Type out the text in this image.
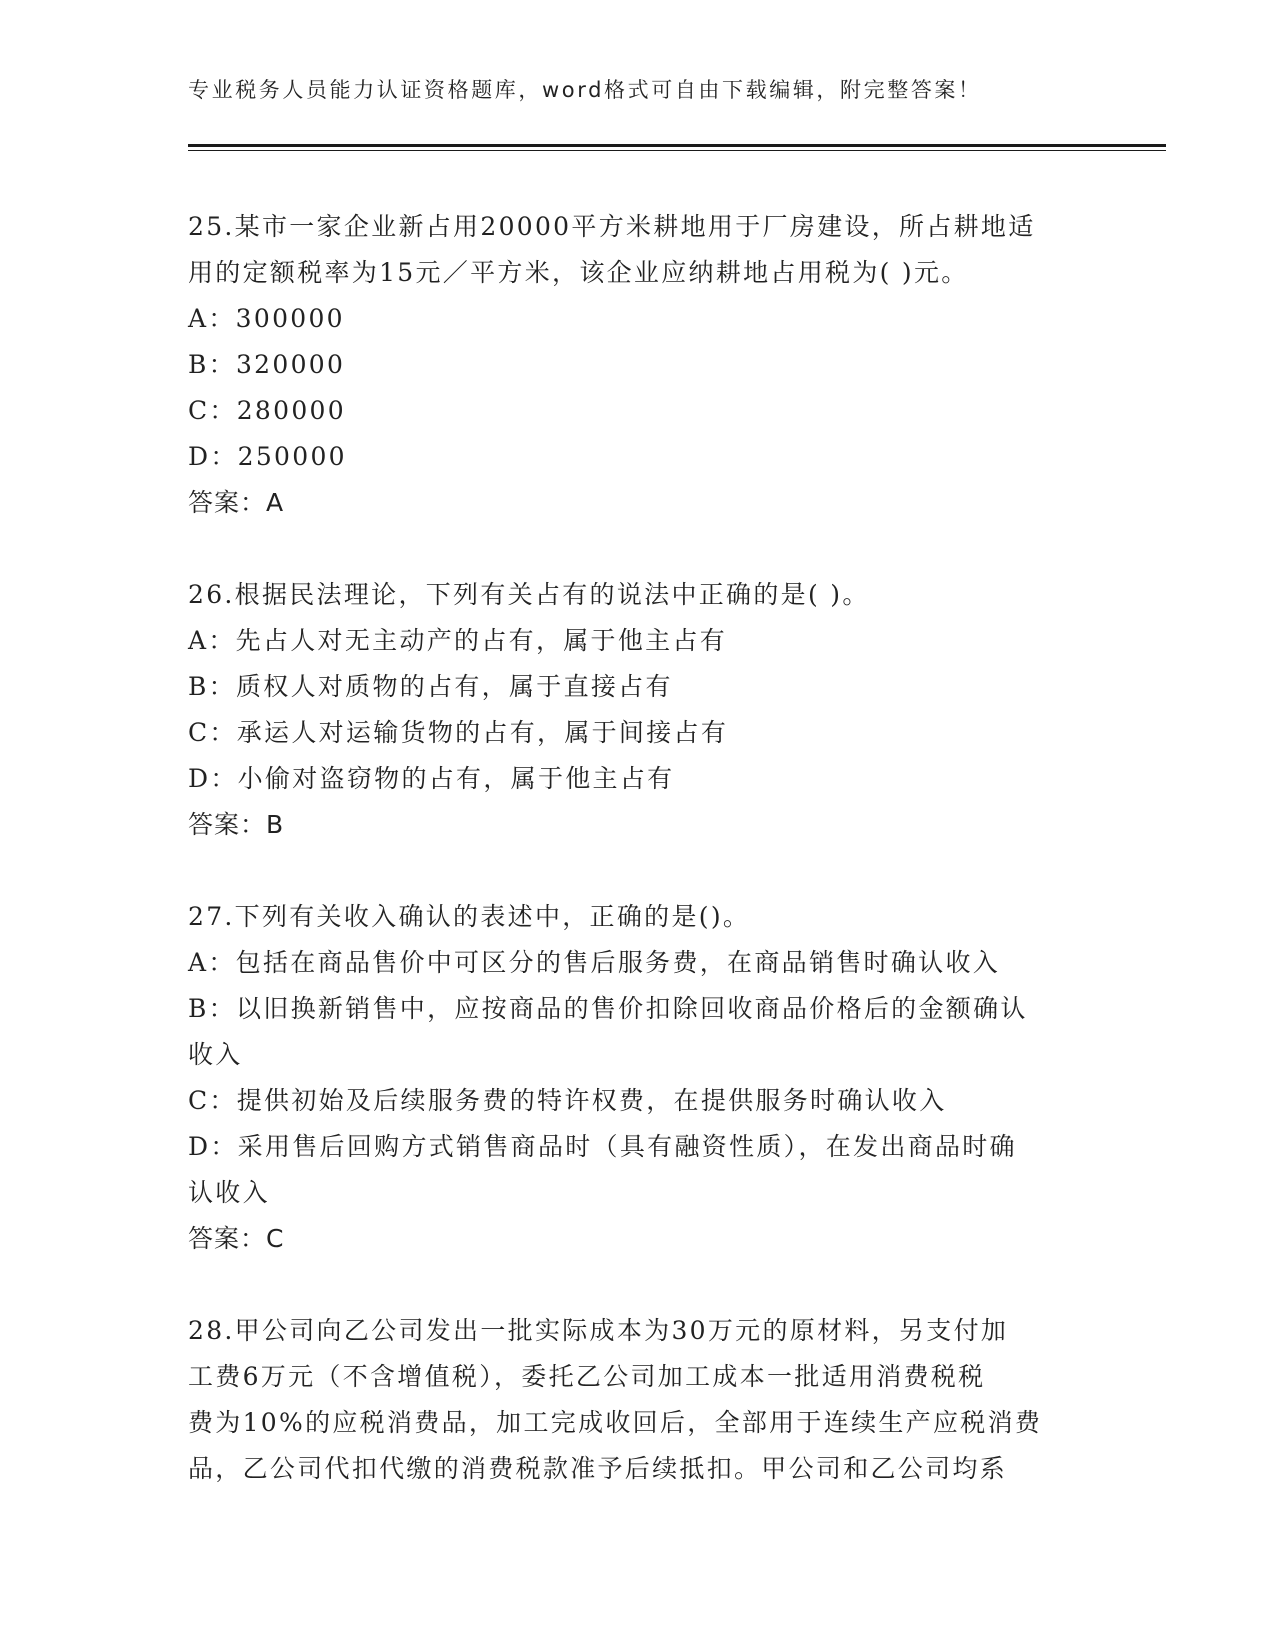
专业税务人员能力认证资格题库，word格式可自由下载编辑，附完整答案！
25.某市一家企业新占用20000平方米耕地用于厂房建设，所占耕地适
用的定额税率为15元／平方米，该企业应纳耕地占用税为( )元。
A：300000
B：320000
C：280000
D：250000
答案：A
26.根据民法理论，下列有关占有的说法中正确的是( )。
A：先占人对无主动产的占有，属于他主占有
B：质权人对质物的占有，属于直接占有
C：承运人对运输货物的占有，属于间接占有
D：小偷对盗窃物的占有，属于他主占有
答案：B
27.下列有关收入确认的表述中，正确的是()。
A：包括在商品售价中可区分的售后服务费，在商品销售时确认收入
B：以旧换新销售中，应按商品的售价扣除回收商品价格后的金额确认
收入
C：提供初始及后续服务费的特许权费，在提供服务时确认收入
D：采用售后回购方式销售商品时（具有融资性质），在发出商品时确
认收入
答案：C
28.甲公司向乙公司发出一批实际成本为30万元的原材料，另支付加
工费6万元（不含增值税），委托乙公司加工成本一批适用消费税税
费为10%的应税消费品，加工完成收回后，全部用于连续生产应税消费
品，乙公司代扣代缴的消费税款准予后续抵扣。甲公司和乙公司均系
